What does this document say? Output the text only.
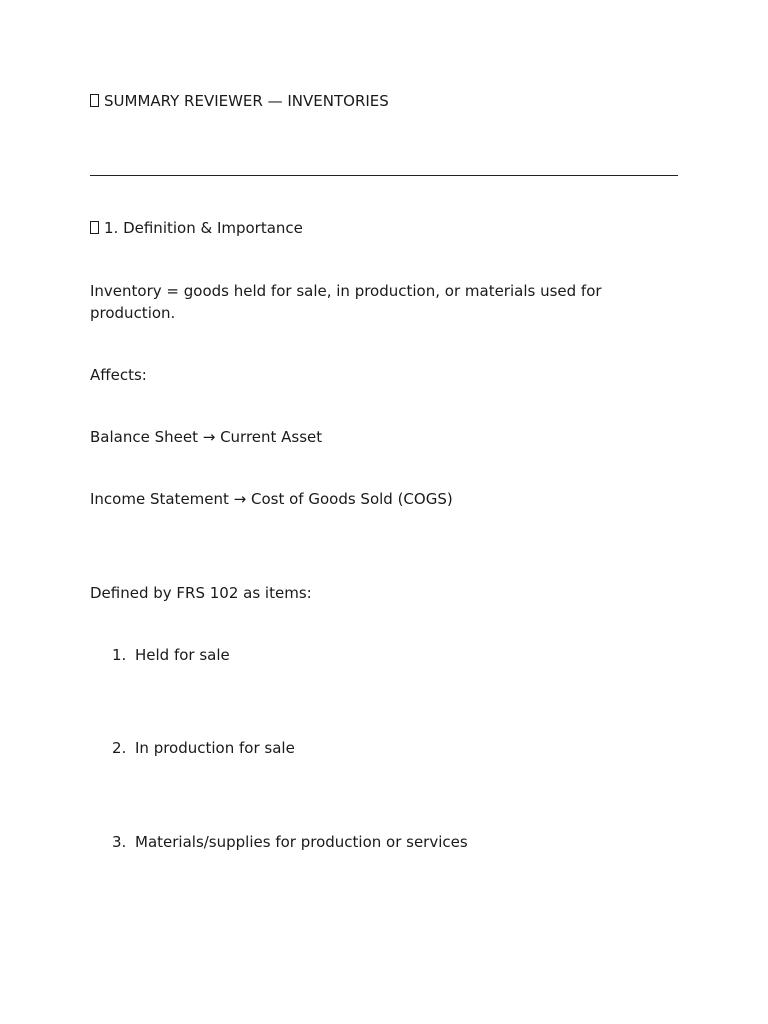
SUMMARY REVIEWER — INVENTORIES

1. Definition & Importance

Inventory = goods held for sale, in production, or materials used for production.

Affects:

Balance Sheet → Current Asset

Income Statement → Cost of Goods Sold (COGS)

Defined by FRS 102 as items:

1. Held for sale
2. In production for sale
3. Materials/supplies for production or services
